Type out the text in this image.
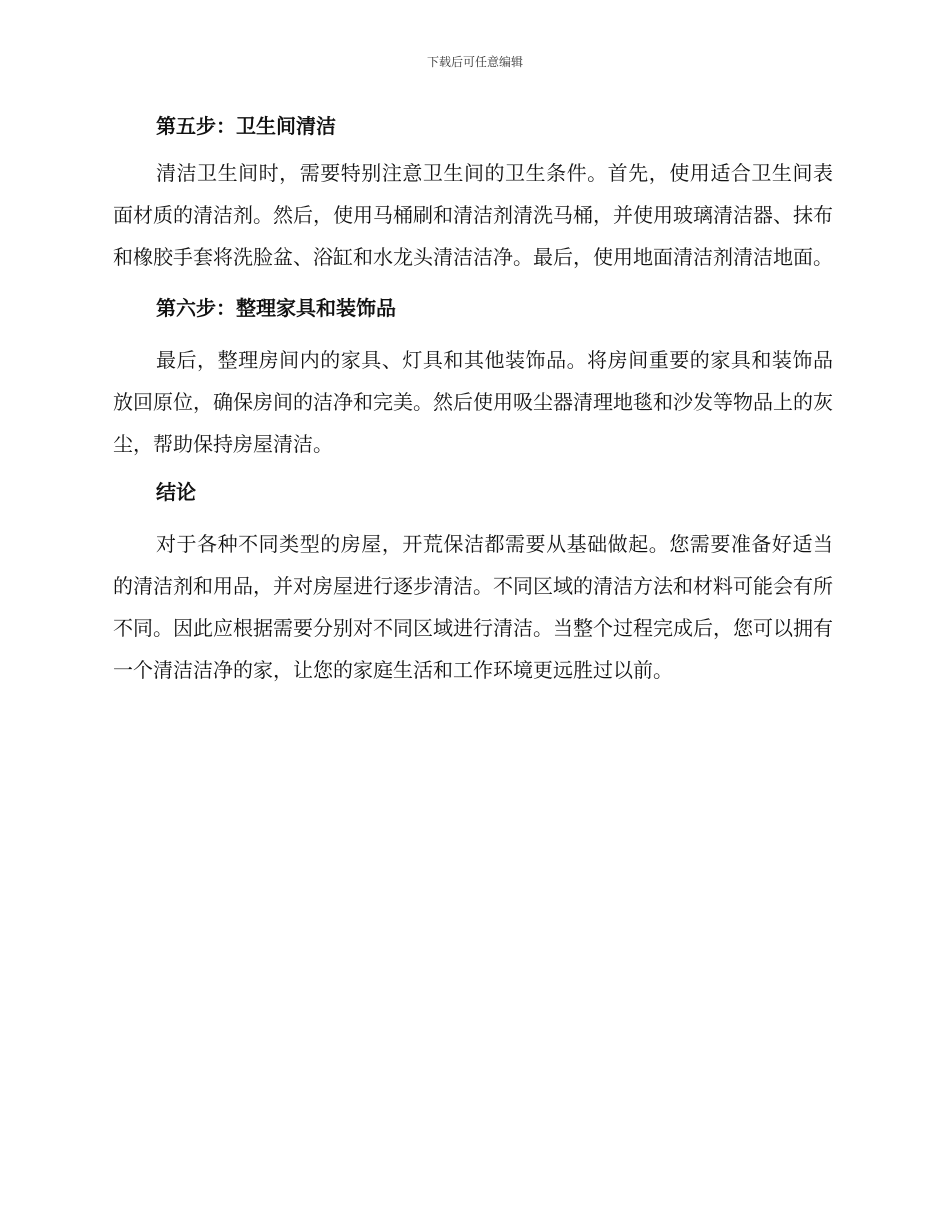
下载后可任意编辑
第五步：卫生间清洁

清洁卫生间时，需要特别注意卫生间的卫生条件。首先，使用适合卫生间表面材质的清洁剂。然后，使用马桶刷和清洁剂清洗马桶，并使用玻璃清洁器、抹布和橡胶手套将洗脸盆、浴缸和水龙头清洁洁净。最后，使用地面清洁剂清洁地面。

第六步：整理家具和装饰品

最后，整理房间内的家具、灯具和其他装饰品。将房间重要的家具和装饰品放回原位，确保房间的洁净和完美。然后使用吸尘器清理地毯和沙发等物品上的灰尘，帮助保持房屋清洁。

结论

对于各种不同类型的房屋，开荒保洁都需要从基础做起。您需要准备好适当的清洁剂和用品，并对房屋进行逐步清洁。不同区域的清洁方法和材料可能会有所不同。因此应根据需要分别对不同区域进行清洁。当整个过程完成后，您可以拥有一个清洁洁净的家，让您的家庭生活和工作环境更远胜过以前。
